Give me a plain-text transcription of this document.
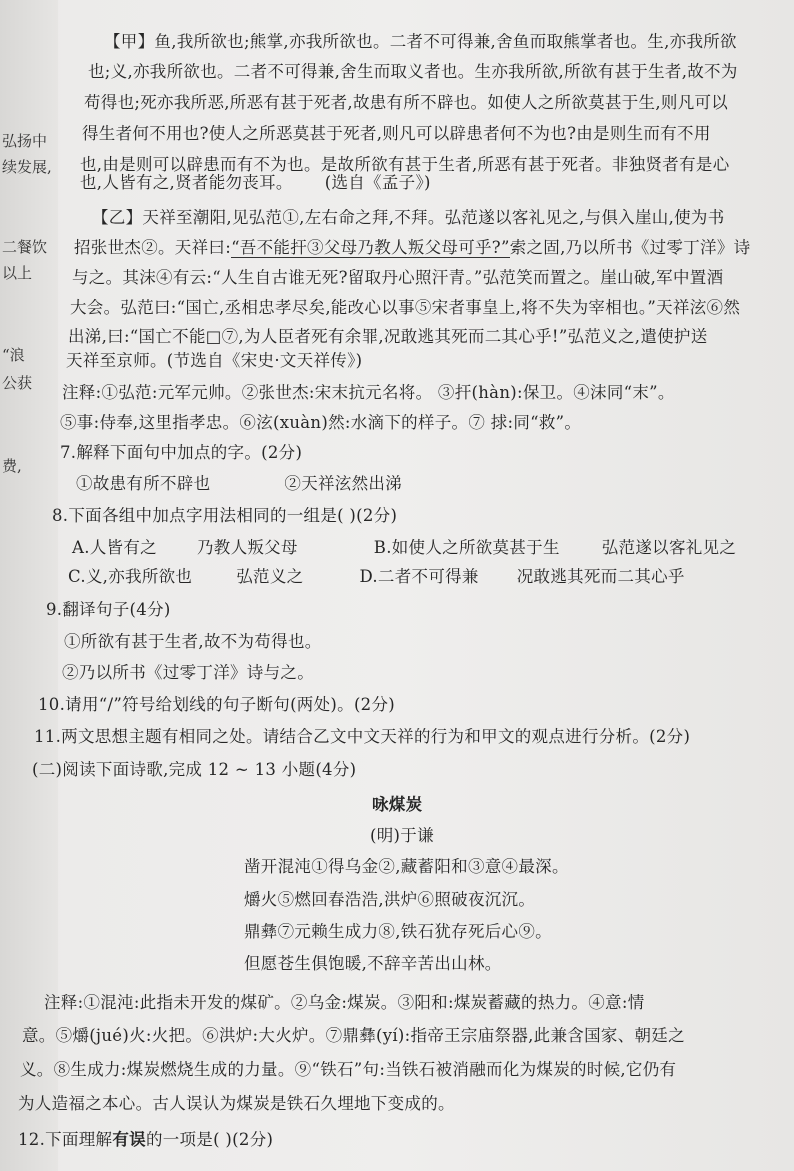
弘扬中
续发展,
二餐饮
以上
“浪
公获
费,
【甲】鱼,我所欲也;熊掌,亦我所欲也。二者不可得兼,舍鱼而取熊掌者也。生,亦我所欲
也;义,亦我所欲也。二者不可得兼,舍生而取义者也。生亦我所欲,所欲有甚于生者,故不为
苟得也;死亦我所恶,所恶有甚于死者,故患有所不辟也。如使人之所欲莫甚于生,则凡可以
得生者何不用也?使人之所恶莫甚于死者,则凡可以辟患者何不为也?由是则生而有不用
也,由是则可以辟患而有不为也。是故所欲有甚于生者,所恶有甚于死者。非独贤者有是心
也,人皆有之,贤者能勿丧耳。 (选自《孟子》)
【乙】天祥至潮阳,见弘范①,左右命之拜,不拜。弘范遂以客礼见之,与俱入崖山,使为书
招张世杰②。天祥曰:“吾不能扞③父母乃教人叛父母可乎?”索之固,乃以所书《过零丁洋》诗
与之。其沫④有云:“人生自古谁无死?留取丹心照汗青。”弘范笑而置之。崖山破,军中置酒
大会。弘范曰:“国亡,丞相忠孝尽矣,能改心以事⑤宋者事皇上,将不失为宰相也。”天祥泫⑥然
出涕,曰:“国亡不能□⑦,为人臣者死有余罪,况敢逃其死而二其心乎!”弘范义之,遣使护送
天祥至京师。(节选自《宋史·文天祥传》)
注释:①弘范:元军元帅。②张世杰:宋末抗元名将。 ③扞(hàn):保卫。④沫同“末”。
⑤事:侍奉,这里指孝忠。⑥泫(xuàn)然:水滴下的样子。⑦ 捄:同“救”。
7.解释下面句中加点的字。(2分)
①故患有所不辟也	②天祥泫然出涕
8.下面各组中加点字用法相同的一组是( )(2分)
A.人皆有之 乃教人叛父母	B.如使人之所欲莫甚于生	弘范遂以客礼见之
C.义,亦我所欲也	弘范义之	D.二者不可得兼 况敢逃其死而二其心乎
9.翻译句子(4分)
①所欲有甚于生者,故不为苟得也。
②乃以所书《过零丁洋》诗与之。
10.请用“/”符号给划线的句子断句(两处)。(2分)
11.两文思想主题有相同之处。请结合乙文中文天祥的行为和甲文的观点进行分析。(2分)
(二)阅读下面诗歌,完成 12 ~ 13 小题(4分)
咏煤炭
(明)于谦
凿开混沌①得乌金②,藏蓄阳和③意④最深。
爝火⑤燃回春浩浩,洪炉⑥照破夜沉沉。
鼎彝⑦元赖生成力⑧,铁石犹存死后心⑨。
但愿苍生俱饱暖,不辞辛苦出山林。
注释:①混沌:此指未开发的煤矿。②乌金:煤炭。③阳和:煤炭蓄藏的热力。④意:情
意。⑤爝(jué)火:火把。⑥洪炉:大火炉。⑦鼎彝(yí):指帝王宗庙祭器,此兼含国家、朝廷之
义。⑧生成力:煤炭燃烧生成的力量。⑨“铁石”句:当铁石被消融而化为煤炭的时候,它仍有
为人造福之本心。古人误认为煤炭是铁石久埋地下变成的。
12.下面理解有误的一项是( )(2分)
